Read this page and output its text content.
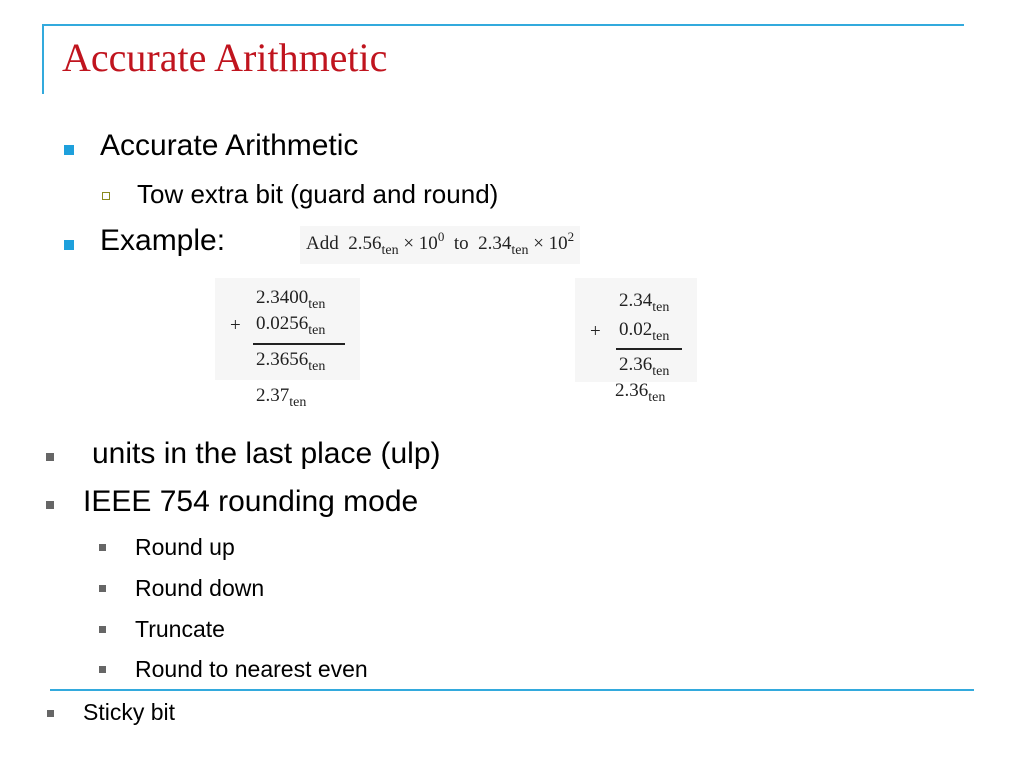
Accurate Arithmetic
Accurate Arithmetic
Tow extra bit (guard and round)
Example:	Add $2.56_{ten} \times 10^0$ to $2.34_{ten} \times 10^2$
$2.3400_{ten}$
+ $0.0256_{ten}$
$2.3656_{ten}$
$2.37_{ten}$
$2.34_{ten}$
+ $0.02_{ten}$
$2.36_{ten}$
$2.36_{ten}$
units in the last place (ulp)
IEEE 754 rounding mode
Round up
Round down
Truncate
Round to nearest even
Sticky bit
